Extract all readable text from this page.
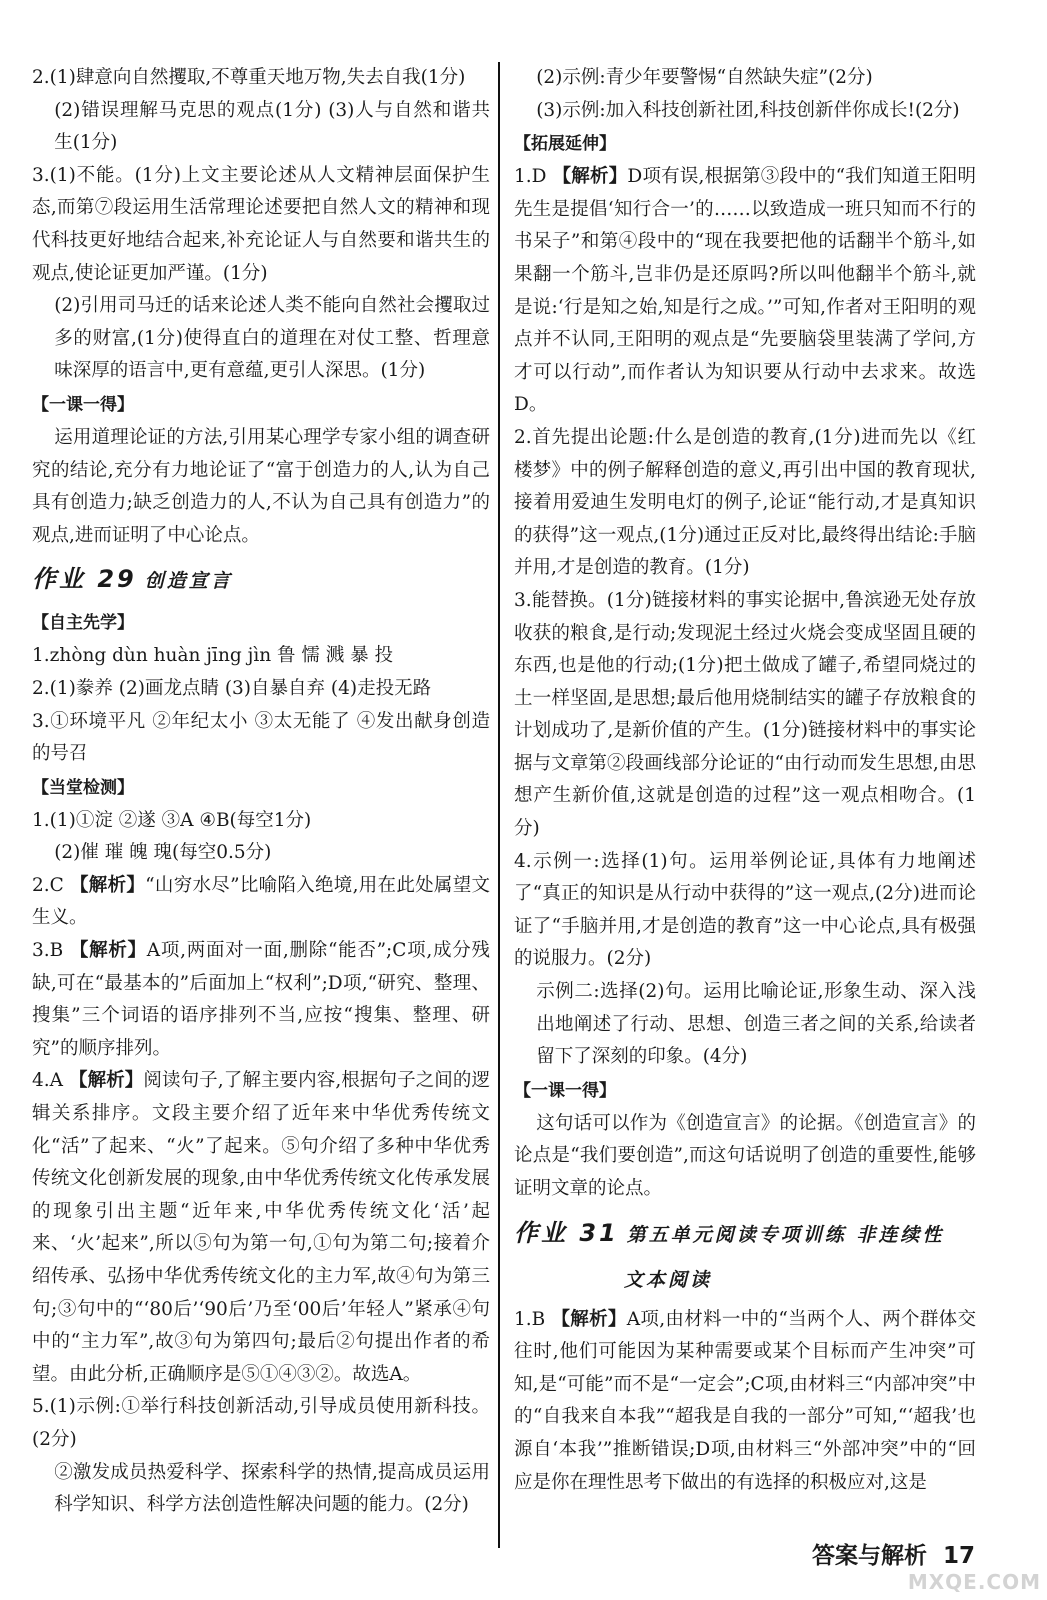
2.(1)肆意向自然攫取,不尊重天地万物,失去自我(1分)

(2)错误理解马克思的观点(1分) (3)人与自然和谐共生(1分)

3.(1)不能。(1分)上文主要论述从人文精神层面保护生态,而第⑦段运用生活常理论述要把自然人文的精神和现代科技更好地结合起来,补充论证人与自然要和谐共生的观点,使论证更加严谨。(1分)

(2)引用司马迁的话来论述人类不能向自然社会攫取过多的财富,(1分)使得直白的道理在对仗工整、哲理意味深厚的语言中,更有意蕴,更引人深思。(1分)

【一课一得】

运用道理论证的方法,引用某心理学专家小组的调查研究的结论,充分有力地论证了“富于创造力的人,认为自己具有创造力;缺乏创造力的人,不认为自己具有创造力”的观点,进而证明了中心论点。

作业 29 创造宣言

【自主先学】

1.zhòng dùn huàn jīng jìn 鲁 懦 溅 暴 投

2.(1)豢养 (2)画龙点睛 (3)自暴自弃 (4)走投无路

3.①环境平凡 ②年纪太小 ③太无能了 ④发出献身创造的号召

【当堂检测】

1.(1)①淀 ②遂 ③A ④B(每空1分)

(2)催 璀 魄 瑰(每空0.5分)

2.C 【解析】“山穷水尽”比喻陷入绝境,用在此处属望文生义。

3.B 【解析】A项,两面对一面,删除“能否”;C项,成分残缺,可在“最基本的”后面加上“权利”;D项,“研究、整理、搜集”三个词语的语序排列不当,应按“搜集、整理、研究”的顺序排列。

4.A 【解析】阅读句子,了解主要内容,根据句子之间的逻辑关系排序。文段主要介绍了近年来中华优秀传统文化“活”了起来、“火”了起来。⑤句介绍了多种中华优秀传统文化创新发展的现象,由中华优秀传统文化传承发展的现象引出主题“近年来,中华优秀传统文化‘活’起来、‘火’起来”,所以⑤句为第一句,①句为第二句;接着介绍传承、弘扬中华优秀传统文化的主力军,故④句为第三句;③句中的“‘80后’‘90后’乃至‘00后’年轻人”紧承④句中的“主力军”,故③句为第四句;最后②句提出作者的希望。由此分析,正确顺序是⑤①④③②。故选A。

5.(1)示例:①举行科技创新活动,引导成员使用新科技。(2分)

②激发成员热爱科学、探索科学的热情,提高成员运用科学知识、科学方法创造性解决问题的能力。(2分)

(2)示例:青少年要警惕“自然缺失症”(2分)

(3)示例:加入科技创新社团,科技创新伴你成长!(2分)

【拓展延伸】

1.D 【解析】D项有误,根据第③段中的“我们知道王阳明先生是提倡‘知行合一’的……以致造成一班只知而不行的书呆子”和第④段中的“现在我要把他的话翻半个筋斗,如果翻一个筋斗,岂非仍是还原吗?所以叫他翻半个筋斗,就是说:‘行是知之始,知是行之成。’”可知,作者对王阳明的观点并不认同,王阳明的观点是“先要脑袋里装满了学问,方才可以行动”,而作者认为知识要从行动中去求来。故选D。

2.首先提出论题:什么是创造的教育,(1分)进而先以《红楼梦》中的例子解释创造的意义,再引出中国的教育现状,接着用爱迪生发明电灯的例子,论证“能行动,才是真知识的获得”这一观点,(1分)通过正反对比,最终得出结论:手脑并用,才是创造的教育。(1分)

3.能替换。(1分)链接材料的事实论据中,鲁滨逊无处存放收获的粮食,是行动;发现泥土经过火烧会变成坚固且硬的东西,也是他的行动;(1分)把土做成了罐子,希望同烧过的土一样坚固,是思想;最后他用烧制结实的罐子存放粮食的计划成功了,是新价值的产生。(1分)链接材料中的事实论据与文章第②段画线部分论证的“由行动而发生思想,由思想产生新价值,这就是创造的过程”这一观点相吻合。(1分)

4.示例一:选择(1)句。运用举例论证,具体有力地阐述了“真正的知识是从行动中获得的”这一观点,(2分)进而论证了“手脑并用,才是创造的教育”这一中心论点,具有极强的说服力。(2分)

示例二:选择(2)句。运用比喻论证,形象生动、深入浅出地阐述了行动、思想、创造三者之间的关系,给读者留下了深刻的印象。(4分)

【一课一得】

这句话可以作为《创造宣言》的论据。《创造宣言》的论点是“我们要创造”,而这句话说明了创造的重要性,能够证明文章的论点。

作业 31 第五单元阅读专项训练 非连续性

文本阅读

1.B 【解析】A项,由材料一中的“当两个人、两个群体交往时,他们可能因为某种需要或某个目标而产生冲突”可知,是“可能”而不是“一定会”;C项,由材料三“内部冲突”中的“自我来自本我”“超我是自我的一部分”可知,“‘超我’也源自‘本我’”推断错误;D项,由材料三“外部冲突”中的“回应是你在理性思考下做出的有选择的积极应对,这是

答案与解析 17
MXQE.COM
